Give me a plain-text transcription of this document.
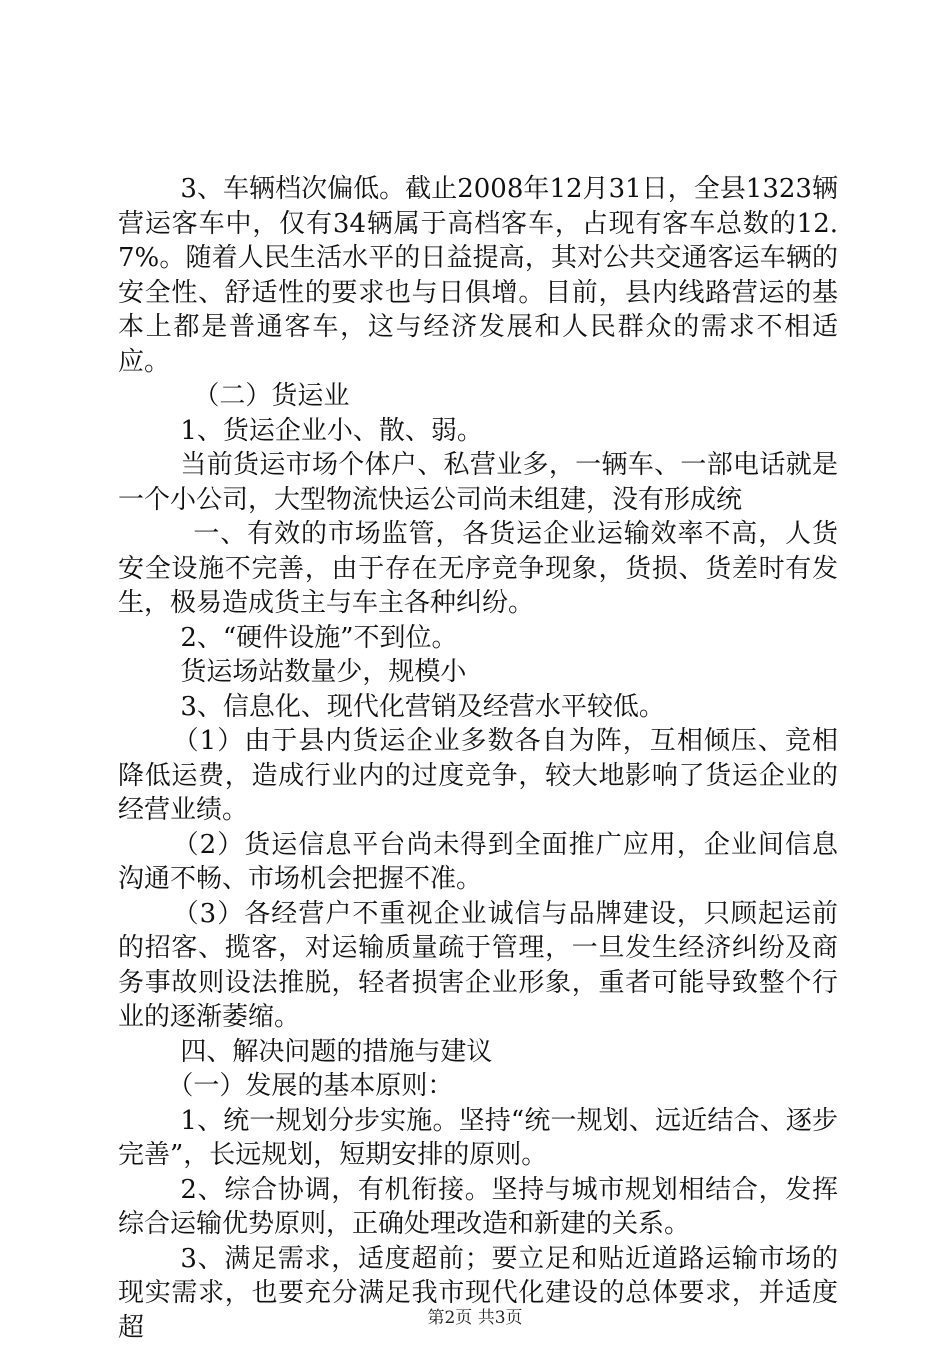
3、车辆档次偏低。截止2008年12月31日，全县1323辆营运客车中，仅有34辆属于高档客车，占现有客车总数的12.7%。随着人民生活水平的日益提高，其对公共交通客运车辆的安全性、舒适性的要求也与日俱增。目前，县内线路营运的基本上都是普通客车，这与经济发展和人民群众的需求不相适应。

（二）货运业

1、货运企业小、散、弱。

当前货运市场个体户、私营业多，一辆车、一部电话就是一个小公司，大型物流快运公司尚未组建，没有形成统

一、有效的市场监管，各货运企业运输效率不高，人货安全设施不完善，由于存在无序竞争现象，货损、货差时有发生，极易造成货主与车主各种纠纷。

2、“硬件设施”不到位。

货运场站数量少，规模小

3、信息化、现代化营销及经营水平较低。

（1）由于县内货运企业多数各自为阵，互相倾压、竞相降低运费，造成行业内的过度竞争，较大地影响了货运企业的经营业绩。

（2）货运信息平台尚未得到全面推广应用，企业间信息沟通不畅、市场机会把握不准。

（3）各经营户不重视企业诚信与品牌建设，只顾起运前的招客、揽客，对运输质量疏于管理，一旦发生经济纠纷及商务事故则设法推脱，轻者损害企业形象，重者可能导致整个行业的逐渐萎缩。

四、解决问题的措施与建议

（一）发展的基本原则：

1、统一规划分步实施。坚持“统一规划、远近结合、逐步完善”，长远规划，短期安排的原则。

2、综合协调，有机衔接。坚持与城市规划相结合，发挥综合运输优势原则，正确处理改造和新建的关系。

3、满足需求，适度超前；要立足和贴近道路运输市场的现实需求，也要充分满足我市现代化建设的总体要求，并适度超	第2页 共3页
